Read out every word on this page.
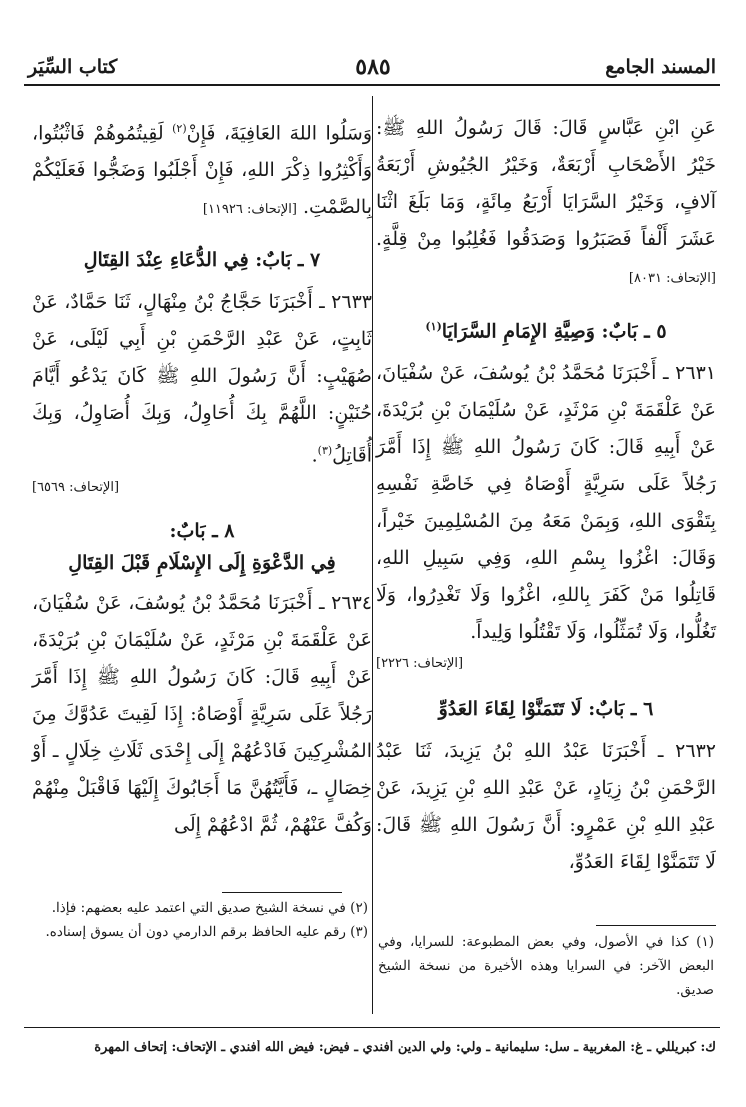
المسند الجامع
٥٨٥
كتاب السِّيَر

عَنِ ابْنِ عَبَّاسٍ قَالَ: قَالَ رَسُولُ اللهِ ﷺ: خَيْرُ الأَصْحَابِ أَرْبَعَةٌ، وَخَيْرُ الجُيُوشِ أَرْبَعَةُ آلافٍ، وَخَيْرُ السَّرَايَا أَرْبَعُ مِائَةٍ، وَمَا بَلَغَ اثْنَا عَشَرَ أَلْفاً فَصَبَرُوا وَصَدَقُوا فَغُلِبُوا مِنْ قِلَّةٍ. [الإتحاف: ٨٠٣١]

٥ ـ بَابٌ: وَصِيَّةِ الإِمَامِ السَّرَايَا$^{(١)}$

٢٦٣١ ـ أَخْبَرَنَا مُحَمَّدُ بْنُ يُوسُفَ، عَنْ سُفْيَانَ، عَنْ عَلْقَمَةَ بْنِ مَرْثَدٍ، عَنْ سُلَيْمَانَ بْنِ بُرَيْدَةَ، عَنْ أَبِيهِ قَالَ: كَانَ رَسُولُ اللهِ ﷺ إِذَا أَمَّرَ رَجُلاً عَلَى سَرِيَّةٍ أَوْصَاهُ فِي خَاصَّةِ نَفْسِهِ بِتَقْوَى اللهِ، وَبِمَنْ مَعَهُ مِنَ المُسْلِمِينَ خَيْراً، وَقَالَ: اغْزُوا بِسْمِ اللهِ، وَفِي سَبِيلِ اللهِ، قَاتِلُوا مَنْ كَفَرَ بِاللهِ، اغْزُوا وَلَا تَغْدِرُوا، وَلَا تَغُلُّوا، وَلَا تُمَثِّلُوا، وَلَا تَقْتُلُوا وَلِيداً.

[الإتحاف: ٢٢٢٦]

٦ ـ بَابٌ: لَا تَتَمَنَّوْا لِقَاءَ العَدُوِّ

٢٦٣٢ ـ أَخْبَرَنَا عَبْدُ اللهِ بْنُ يَزِيدَ، ثَنَا عَبْدُ الرَّحْمَنِ بْنُ زِيَادٍ، عَنْ عَبْدِ اللهِ بْنِ يَزِيدَ، عَنْ عَبْدِ اللهِ بْنِ عَمْرٍو: أَنَّ رَسُولَ اللهِ ﷺ قَالَ: لَا تَتَمَنَّوْا لِقَاءَ العَدُوِّ،

وَسَلُوا اللهَ العَافِيَةَ، فَإِنْ$^{(٢)}$ لَقِيتُمُوهُمْ فَاثْبُتُوا، وَأَكْثِرُوا ذِكْرَ اللهِ، فَإِنْ أَجْلَبُوا وَضَجُّوا فَعَلَيْكُمْ بِالصَّمْتِ. [الإتحاف: ١١٩٢٦]

٧ ـ بَابٌ: فِي الدُّعَاءِ عِنْدَ القِتَالِ

٢٦٣٣ ـ أَخْبَرَنَا حَجَّاجُ بْنُ مِنْهَالٍ، ثَنَا حَمَّادٌ، عَنْ ثَابِتٍ، عَنْ عَبْدِ الرَّحْمَنِ بْنِ أَبِي لَيْلَى، عَنْ صُهَيْبٍ: أَنَّ رَسُولَ اللهِ ﷺ كَانَ يَدْعُو أَيَّامَ حُنَيْنٍ: اللَّهُمَّ بِكَ أُحَاوِلُ، وَبِكَ أُصَاوِلُ، وَبِكَ أُقَاتِلُ$^{(٣)}$.

[الإتحاف: ٦٥٦٩]

٨ ـ بَابٌ:
فِي الدَّعْوَةِ إِلَى الإِسْلَامِ قَبْلَ القِتَالِ

٢٦٣٤ ـ أَخْبَرَنَا مُحَمَّدُ بْنُ يُوسُفَ، عَنْ سُفْيَانَ، عَنْ عَلْقَمَةَ بْنِ مَرْثَدٍ، عَنْ سُلَيْمَانَ بْنِ بُرَيْدَةَ، عَنْ أَبِيهِ قَالَ: كَانَ رَسُولُ اللهِ ﷺ إِذَا أَمَّرَ رَجُلاً عَلَى سَرِيَّةٍ أَوْصَاهُ: إِذَا لَقِيتَ عَدُوَّكَ مِنَ المُشْرِكِينَ فَادْعُهُمْ إِلَى إِحْدَى ثَلَاثِ خِلَالٍ ـ أَوْ خِصَالٍ ـ، فَأَيَّتُهُنَّ مَا أَجَابُوكَ إِلَيْهَا فَاقْبَلْ مِنْهُمْ وَكُفَّ عَنْهُمْ، ثُمَّ ادْعُهُمْ إِلَى

(١) كذا في الأصول، وفي بعض المطبوعة: للسرايا، وفي البعض الآخر: في السرايا وهذه الأخيرة من نسخة الشيخ صديق.

(٢) في نسخة الشيخ صديق التي اعتمد عليه بعضهم: فإذا.

(٣) رقم عليه الحافظ برقم الدارمي دون أن يسوق إسناده.

ك: كبريللي ـ غ: المغربية ـ سل: سليمانية ـ ولي: ولي الدين أفندي ـ فيض: فيض الله أفندي ـ الإتحاف: إتحاف المهرة
